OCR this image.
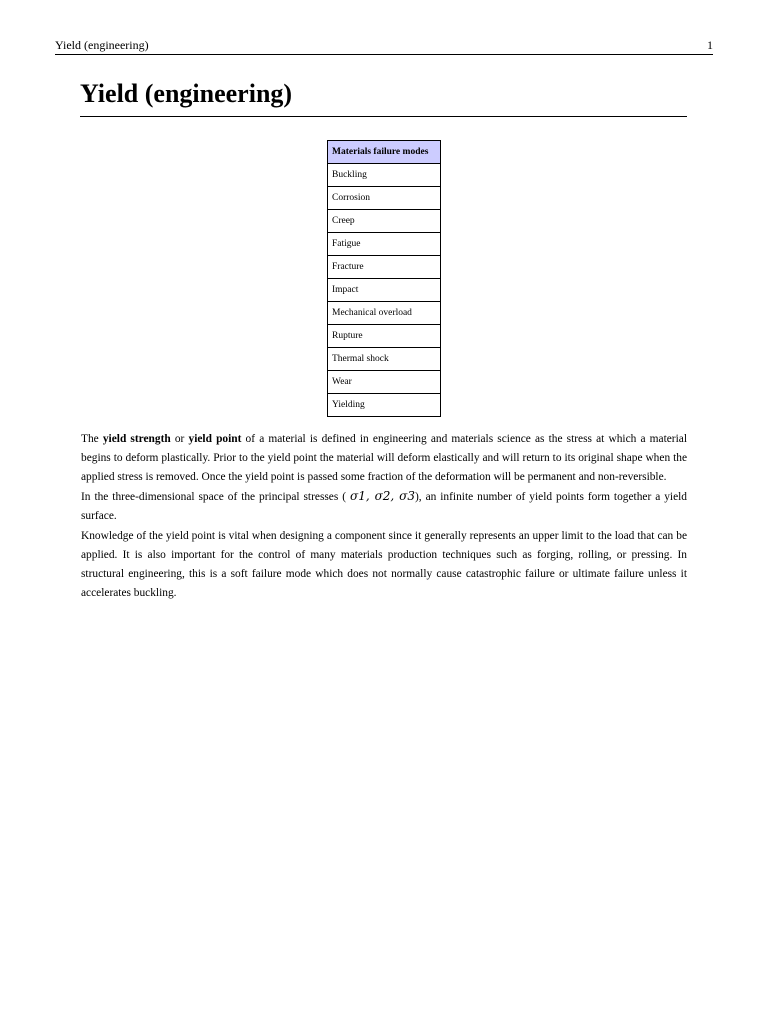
Yield (engineering)	1
Yield (engineering)
Materials failure modes
Buckling
Corrosion
Creep
Fatigue
Fracture
Impact
Mechanical overload
Rupture
Thermal shock
Wear
Yielding

The yield strength or yield point of a material is defined in engineering and materials science as the stress at which a material begins to deform plastically. Prior to the yield point the material will deform elastically and will return to its original shape when the applied stress is removed. Once the yield point is passed some fraction of the deformation will be permanent and non-reversible.

In the three-dimensional space of the principal stresses ( σ1, σ2, σ3), an infinite number of yield points form together a yield surface.

Knowledge of the yield point is vital when designing a component since it generally represents an upper limit to the load that can be applied. It is also important for the control of many materials production techniques such as forging, rolling, or pressing. In structural engineering, this is a soft failure mode which does not normally cause catastrophic failure or ultimate failure unless it accelerates buckling.
